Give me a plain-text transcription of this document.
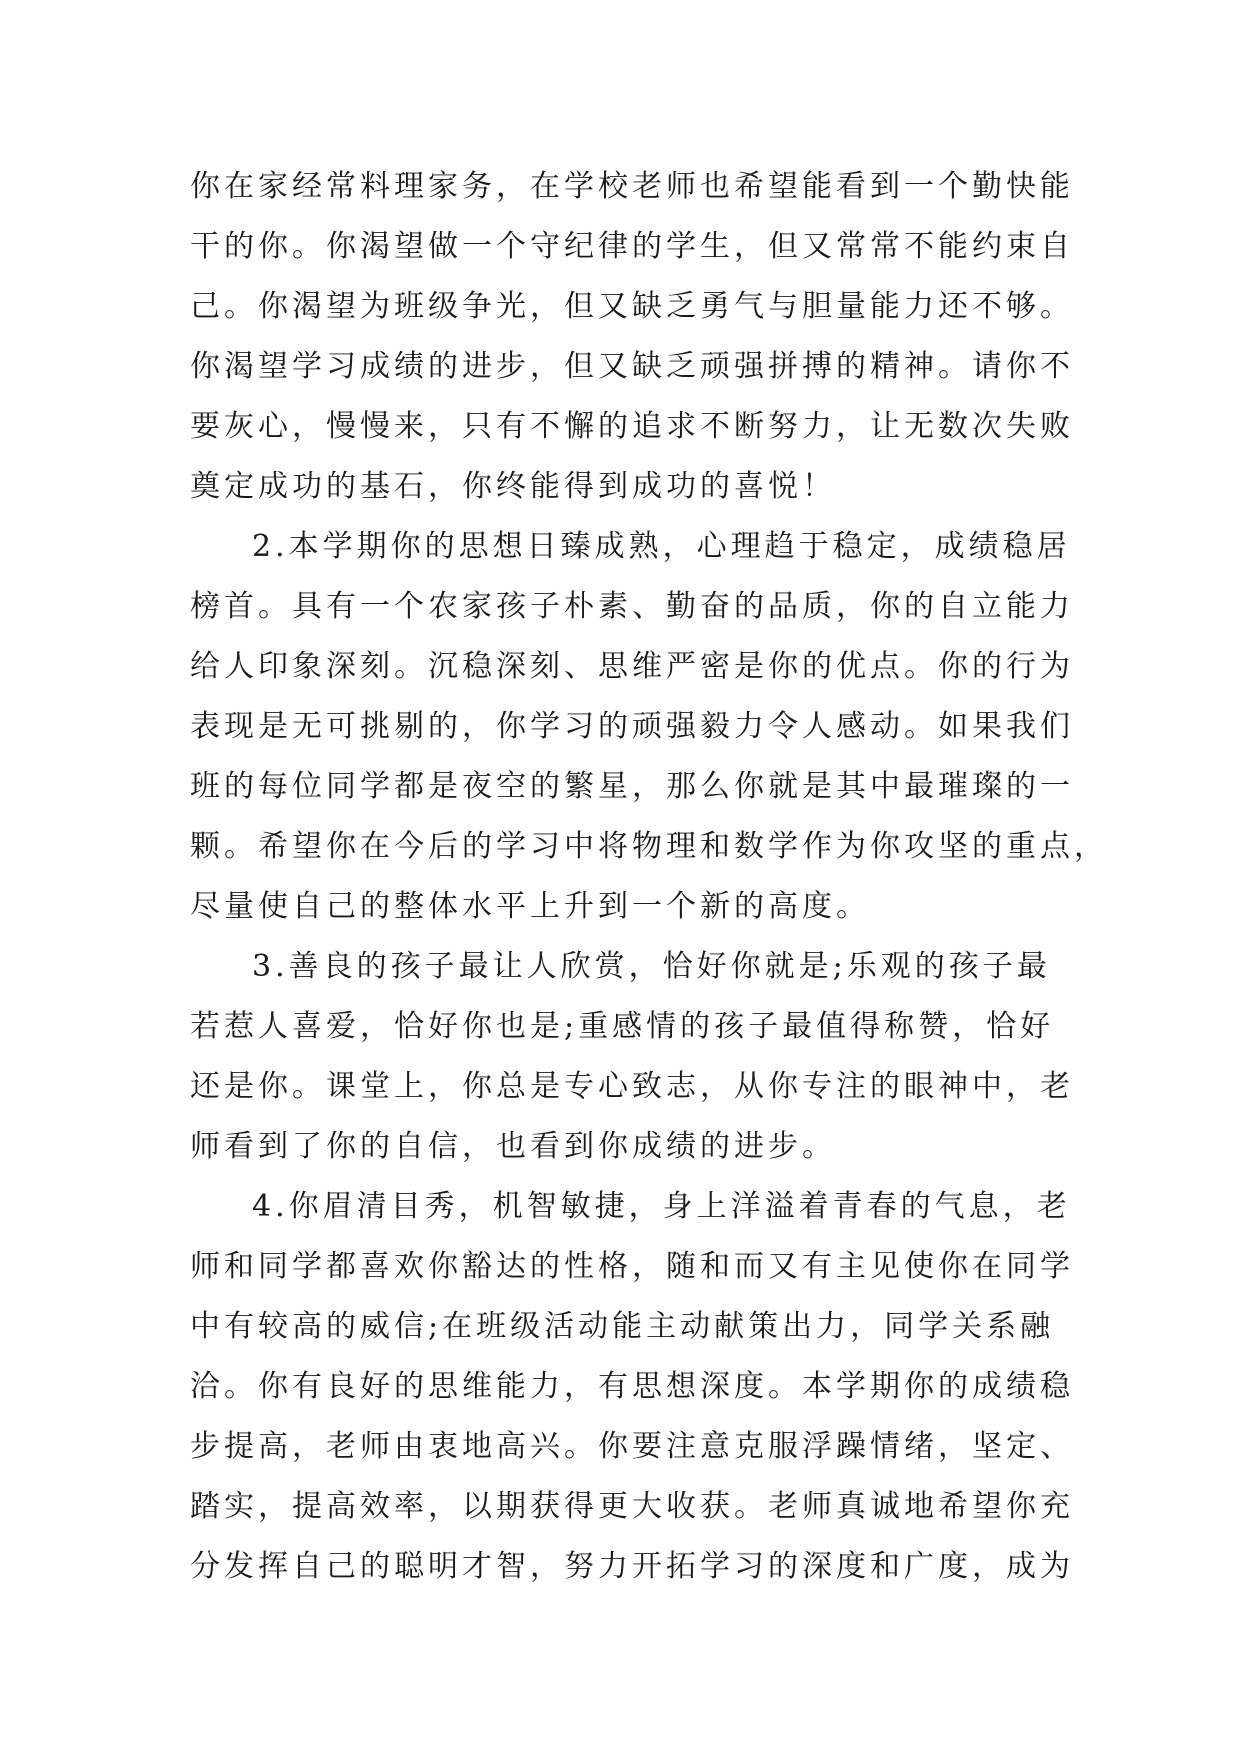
你在家经常料理家务，在学校老师也希望能看到一个勤快能
干的你。你渴望做一个守纪律的学生，但又常常不能约束自
己。你渴望为班级争光，但又缺乏勇气与胆量能力还不够。
你渴望学习成绩的进步，但又缺乏顽强拼搏的精神。请你不
要灰心，慢慢来，只有不懈的追求不断努力，让无数次失败
奠定成功的基石，你终能得到成功的喜悦！
2.本学期你的思想日臻成熟，心理趋于稳定，成绩稳居
榜首。具有一个农家孩子朴素、勤奋的品质，你的自立能力
给人印象深刻。沉稳深刻、思维严密是你的优点。你的行为
表现是无可挑剔的，你学习的顽强毅力令人感动。如果我们
班的每位同学都是夜空的繁星，那么你就是其中最璀璨的一
颗。希望你在今后的学习中将物理和数学作为你攻坚的重点，
尽量使自己的整体水平上升到一个新的高度。
3.善良的孩子最让人欣赏，恰好你就是;乐观的孩子最
若惹人喜爱，恰好你也是;重感情的孩子最值得称赞，恰好
还是你。课堂上，你总是专心致志，从你专注的眼神中，老
师看到了你的自信，也看到你成绩的进步。
4.你眉清目秀，机智敏捷，身上洋溢着青春的气息，老
师和同学都喜欢你豁达的性格，随和而又有主见使你在同学
中有较高的威信;在班级活动能主动献策出力，同学关系融
洽。你有良好的思维能力，有思想深度。本学期你的成绩稳
步提高，老师由衷地高兴。你要注意克服浮躁情绪，坚定、
踏实，提高效率，以期获得更大收获。老师真诚地希望你充
分发挥自己的聪明才智，努力开拓学习的深度和广度，成为
